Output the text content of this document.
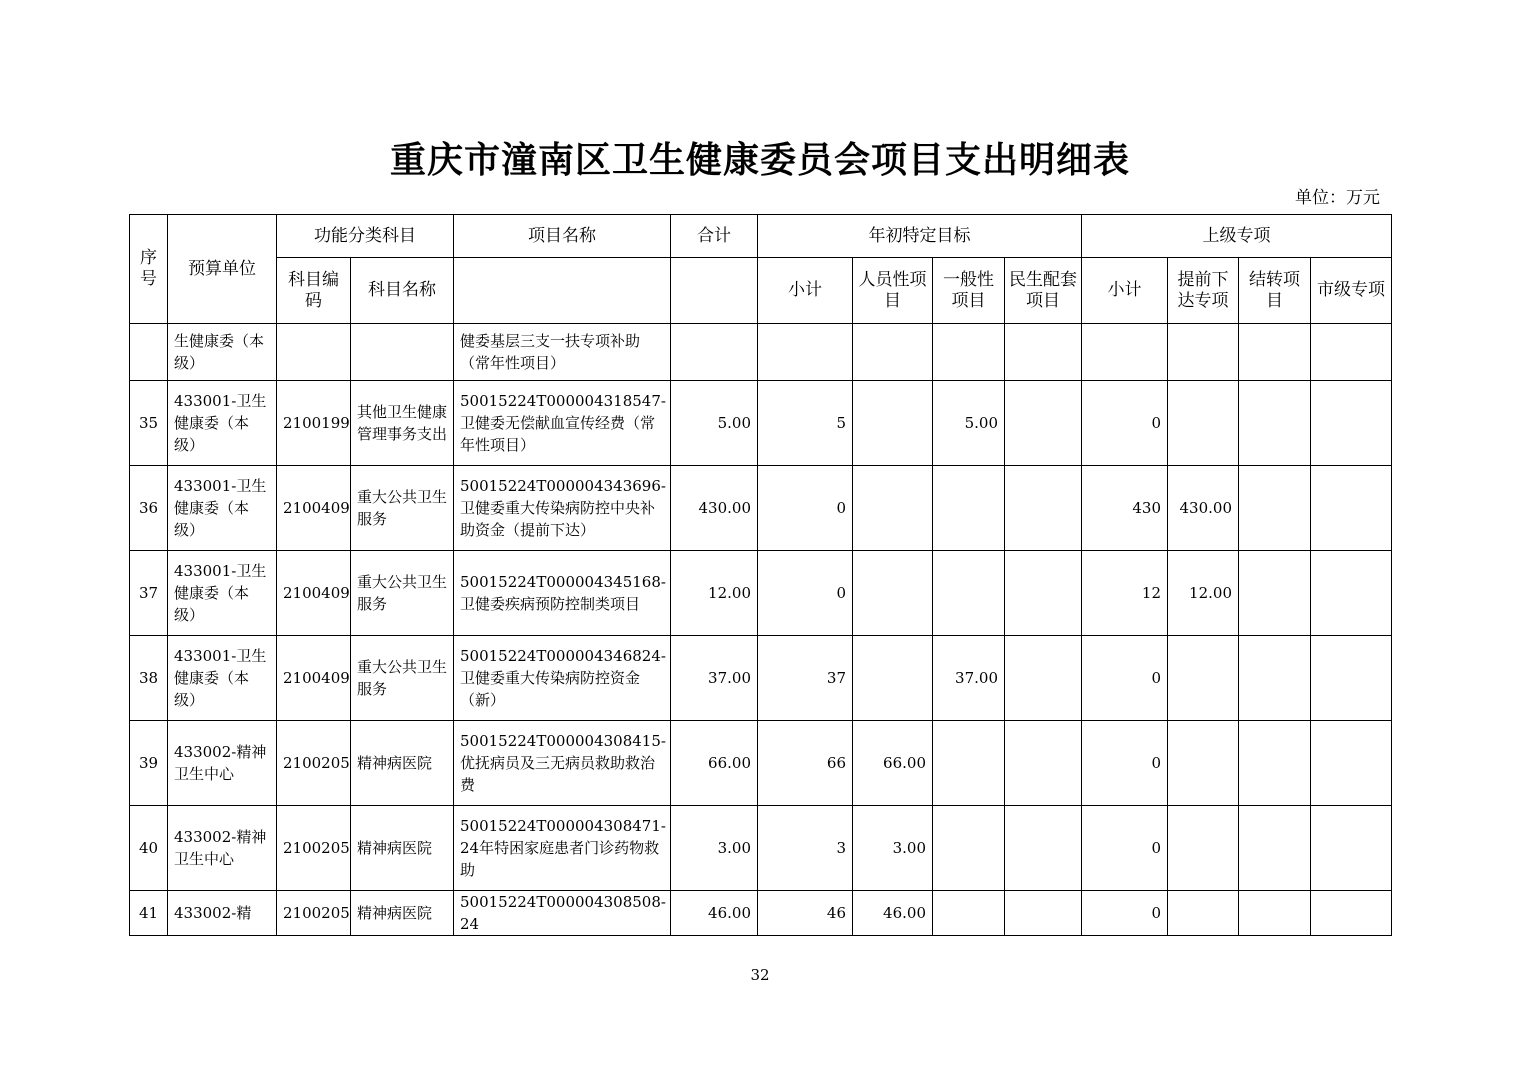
重庆市潼南区卫生健康委员会项目支出明细表
单位：万元
序号	预算单位	功能分类科目		项目名称	合计	年初特定目标				上级专项			
		科目编码	科目名称			小计	人员性项目	一般性项目	民生配套项目	小计	提前下达专项	结转项目	市级专项
	生健康委（本级）			健委基层三支一扶专项补助（常年性项目）									
35	433001-卫生健康委（本级）	2100199	其他卫生健康管理事务支出	50015224T000004318547-卫健委无偿献血宣传经费（常年性项目）	5.00	5		5.00		0			
36	433001-卫生健康委（本级）	2100409	重大公共卫生服务	50015224T000004343696-卫健委重大传染病防控中央补助资金（提前下达）	430.00	0				430	430.00		
37	433001-卫生健康委（本级）	2100409	重大公共卫生服务	50015224T000004345168-卫健委疾病预防控制类项目	12.00	0				12	12.00		
38	433001-卫生健康委（本级）	2100409	重大公共卫生服务	50015224T000004346824-卫健委重大传染病防控资金（新）	37.00	37		37.00		0			
39	433002-精神卫生中心	2100205	精神病医院	50015224T000004308415-优抚病员及三无病员救助救治费	66.00	66	66.00			0			
40	433002-精神卫生中心	2100205	精神病医院	50015224T000004308471-24年特困家庭患者门诊药物救助	3.00	3	3.00			0			
41	433002-精	2100205	精神病医院	50015224T000004308508-24	46.00	46	46.00			0			
32
